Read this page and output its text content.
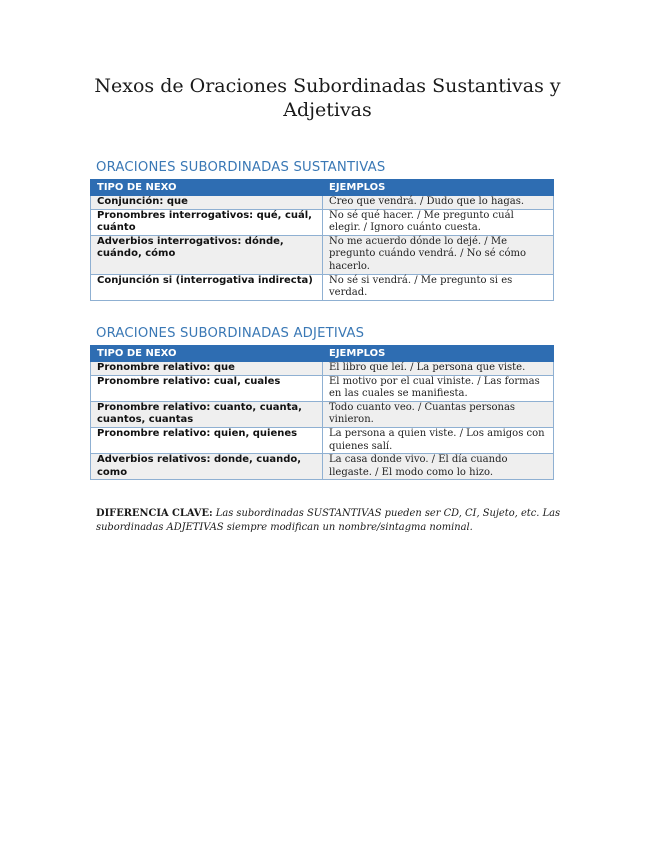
Nexos de Oraciones Subordinadas Sustantivas y
Adjetivas
ORACIONES SUBORDINADAS SUSTANTIVAS
TIPO DE NEXO	EJEMPLOS
Conjunción: que	Creo que vendrá. / Dudo que lo hagas.
Pronombres interrogativos: qué, cuál, cuánto	No sé qué hacer. / Me pregunto cuál elegir. / Ignoro cuánto cuesta.
Adverbios interrogativos: dónde, cuándo, cómo	No me acuerdo dónde lo dejé. / Me pregunto cuándo vendrá. / No sé cómo hacerlo.
Conjunción si (interrogativa indirecta)	No sé si vendrá. / Me pregunto si es verdad.
ORACIONES SUBORDINADAS ADJETIVAS
TIPO DE NEXO	EJEMPLOS
Pronombre relativo: que	El libro que leí. / La persona que viste.
Pronombre relativo: cual, cuales	El motivo por el cual viniste. / Las formas en las cuales se manifiesta.
Pronombre relativo: cuanto, cuanta, cuantos, cuantas	Todo cuanto veo. / Cuantas personas vinieron.
Pronombre relativo: quien, quienes	La persona a quien viste. / Los amigos con quienes salí.
Adverbios relativos: donde, cuando, como	La casa donde vivo. / El día cuando llegaste. / El modo como lo hizo.

DIFERENCIA CLAVE: Las subordinadas SUSTANTIVAS pueden ser CD, CI, Sujeto, etc. Las subordinadas ADJETIVAS siempre modifican un nombre/sintagma nominal.
